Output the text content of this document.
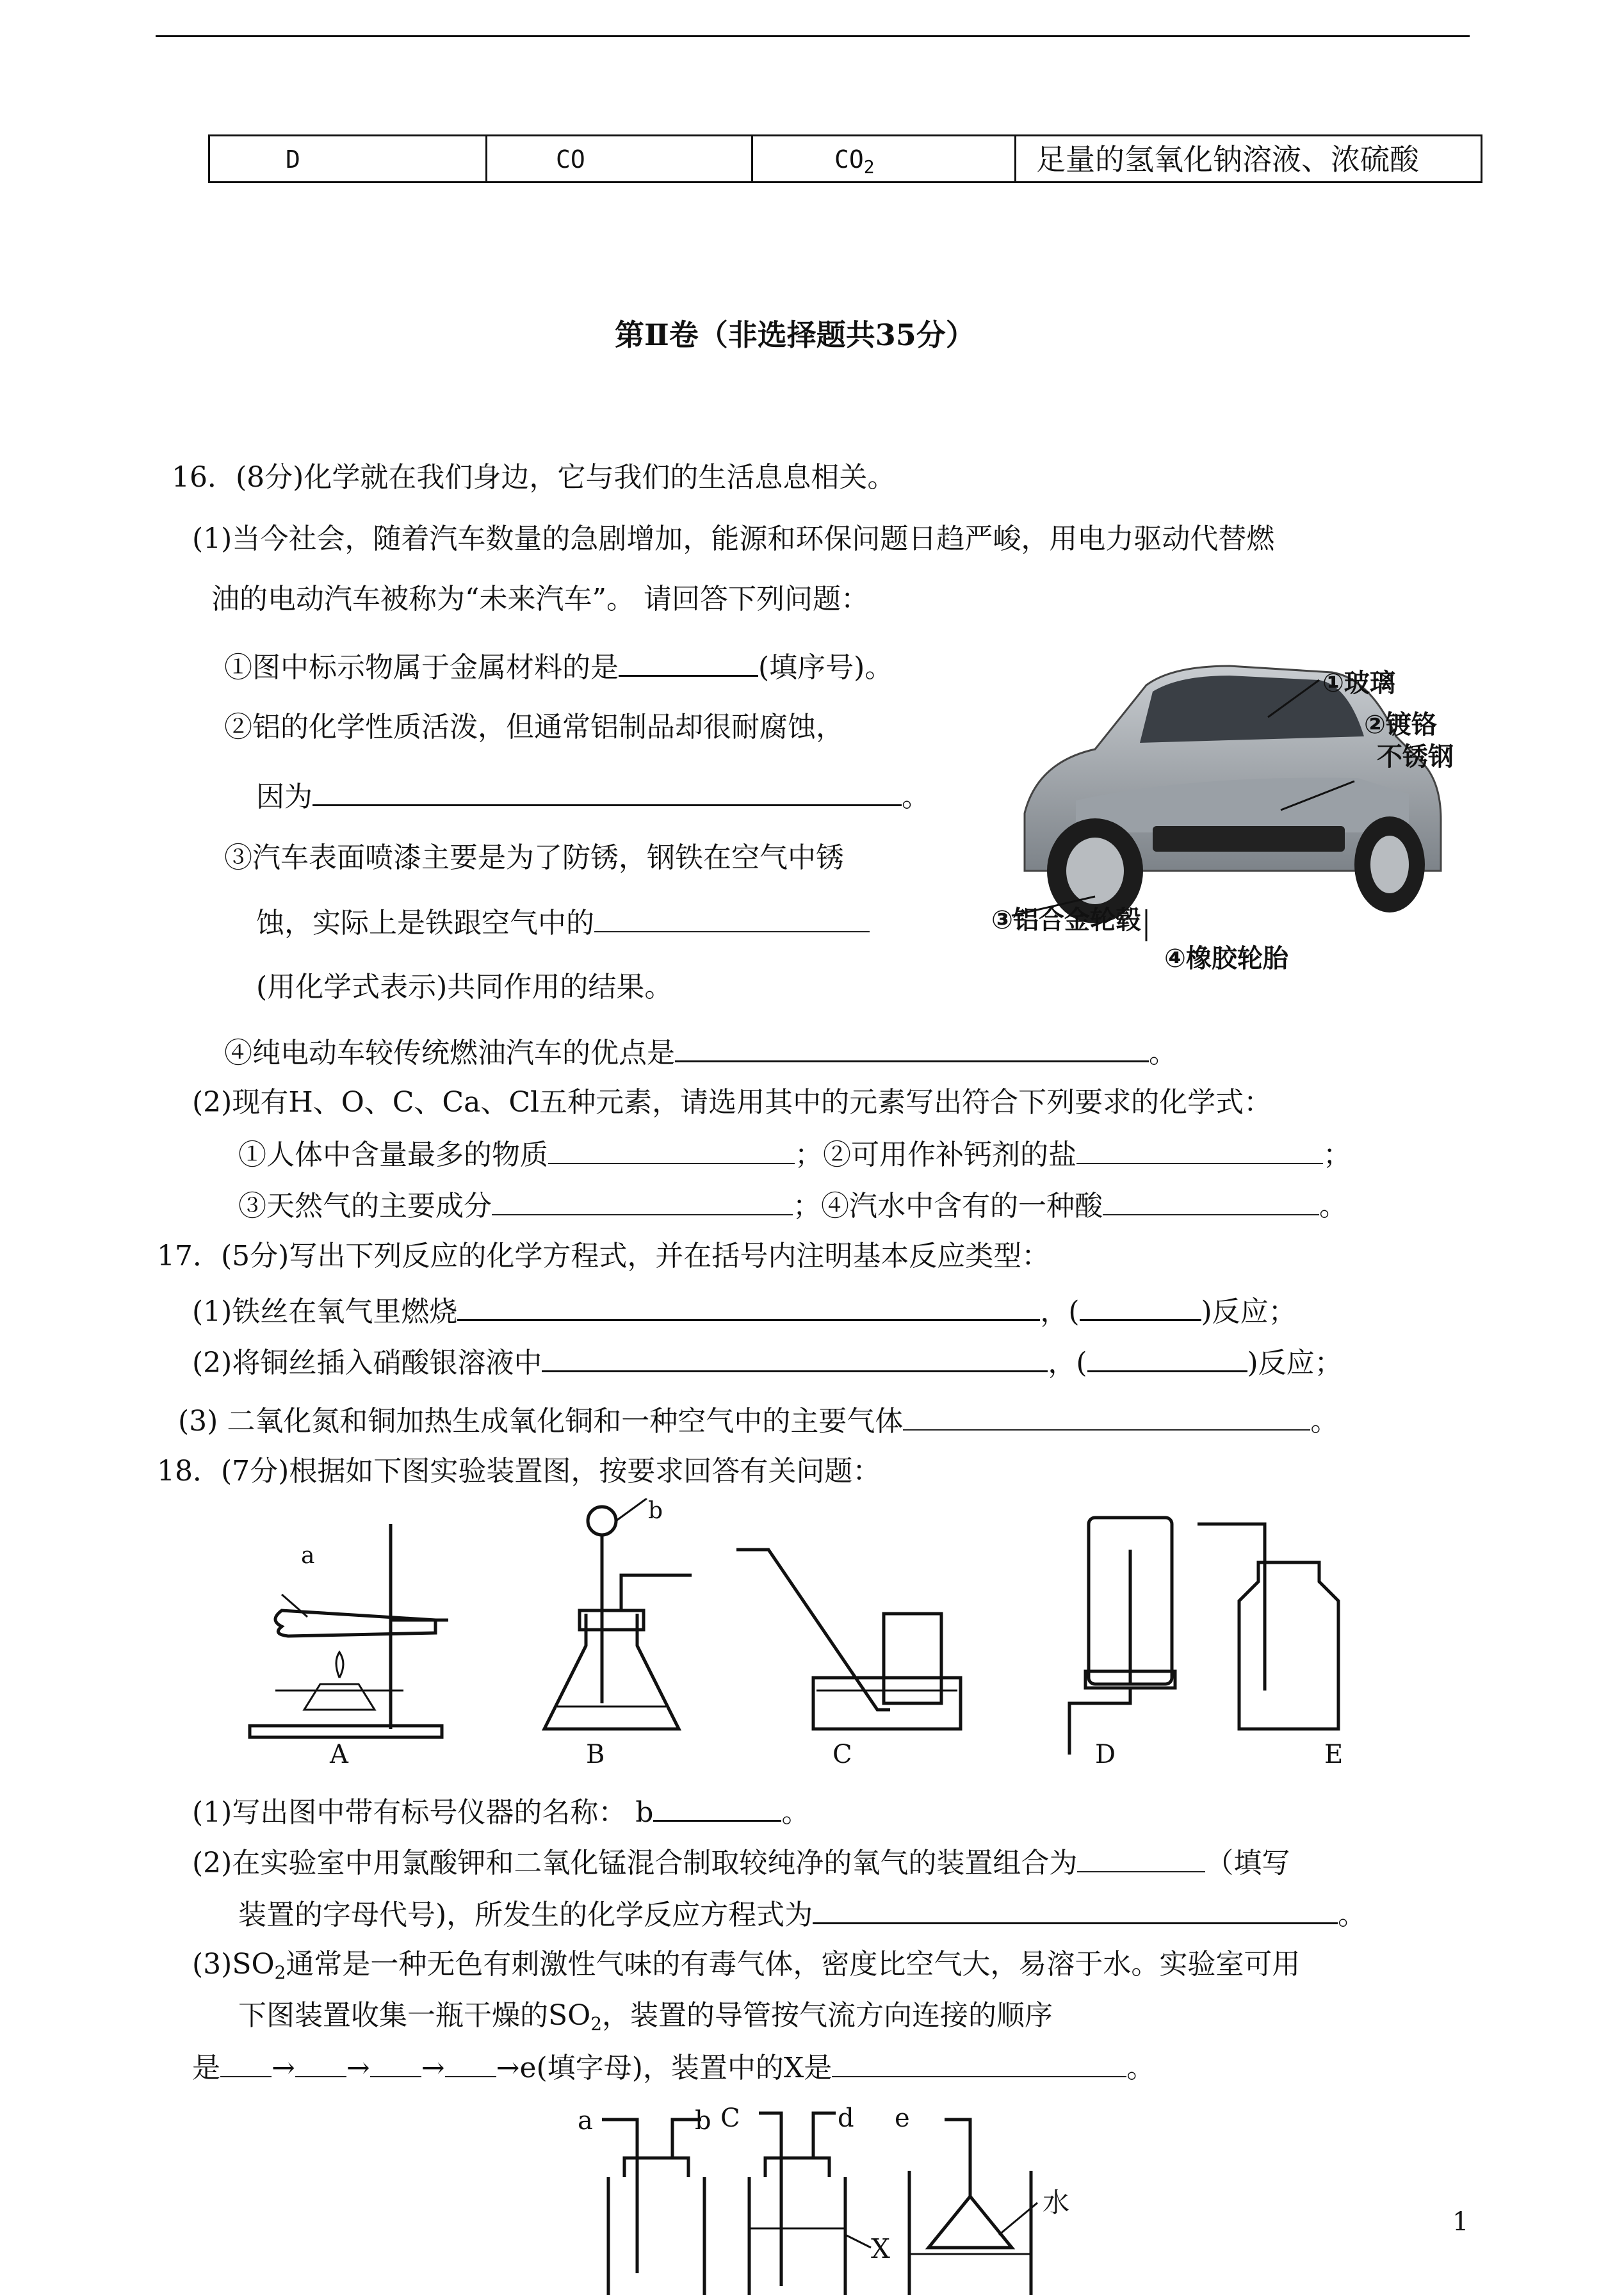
D	CO	$CO_2$	足量的氢氧化钠溶液、浓硫酸
第Ⅱ卷（非选择题共35分）
16．(8分)化学就在我们身边，它与我们的生活息息相关。
(1)当今社会，随着汽车数量的急剧增加，能源和环保问题日趋严峻，用电力驱动代替燃
油的电动汽车被称为“未来汽车”。 请回答下列问题：
①图中标示物属于金属材料的是	(填序号)。
②铝的化学性质活泼，但通常铝制品却很耐腐蚀，
因为	。
③汽车表面喷漆主要是为了防锈，钢铁在空气中锈
蚀，实际上是铁跟空气中的
(用化学式表示)共同作用的结果。
④纯电动车较传统燃油汽车的优点是	。
①玻璃
②镀铬
不锈钢
③铝合金轮毂
④橡胶轮胎
(2)现有H、O、C、Ca、Cl五种元素，请选用其中的元素写出符合下列要求的化学式：
①人体中含量最多的物质	；②可用作补钙剂的盐	；
③天然气的主要成分	；④汽水中含有的一种酸	。
17．(5分)写出下列反应的化学方程式，并在括号内注明基本反应类型：
(1)铁丝在氧气里燃烧	，(	)反应；
(2)将铜丝插入硝酸银溶液中	，(	)反应；
(3) 二氧化氮和铜加热生成氧化铜和一种空气中的主要气体	。
18．(7分)根据如下图实验装置图，按要求回答有关问题：
a
b
A	B	C	D	E
(1)写出图中带有标号仪器的名称： b	。
(2)在实验室中用氯酸钾和二氧化锰混合制取较纯净的氧气的装置组合为	（填写
装置的字母代号)，所发生的化学反应方程式为	。
$(3)SO_2$通常是一种无色有刺激性气味的有毒气体，密度比空气大，易溶于水。实验室可用
下图装置收集一瓶干燥的$SO_2$，装置的导管按气流方向连接的顺序
是 → → → →e(填字母)，装置中的X是	。
a	b C	d e
X
水
1
